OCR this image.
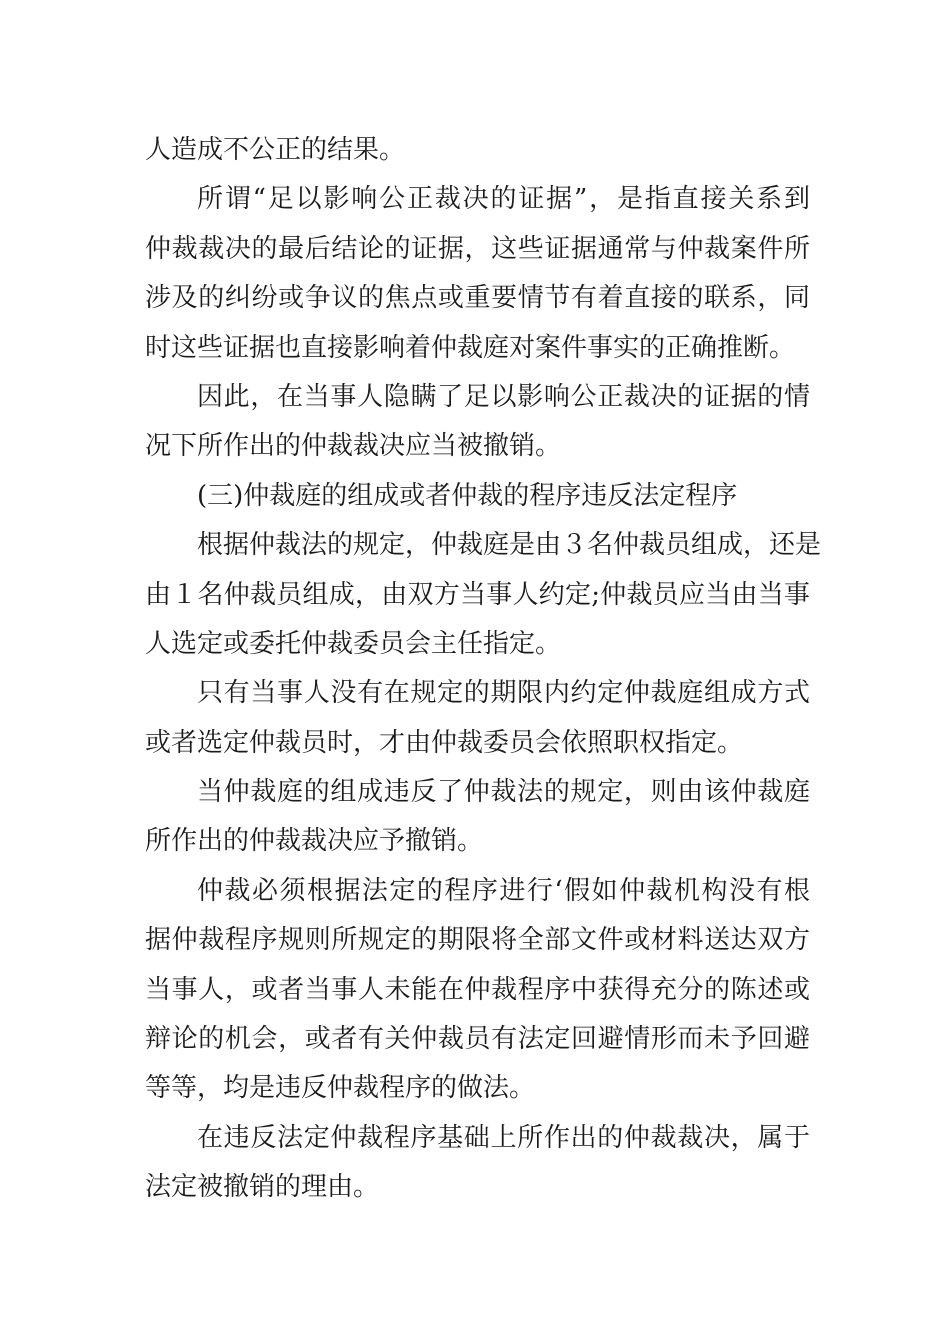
人造成不公正的结果。
所谓“足以影响公正裁决的证据”，是指直接关系到
仲裁裁决的最后结论的证据，这些证据通常与仲裁案件所
涉及的纠纷或争议的焦点或重要情节有着直接的联系，同
时这些证据也直接影响着仲裁庭对案件事实的正确推断。
因此，在当事人隐瞒了足以影响公正裁决的证据的情
况下所作出的仲裁裁决应当被撤销。
(三)仲裁庭的组成或者仲裁的程序违反法定程序
根据仲裁法的规定，仲裁庭是由３名仲裁员组成，还是
由１名仲裁员组成，由双方当事人约定;仲裁员应当由当事
人选定或委托仲裁委员会主任指定。
只有当事人没有在规定的期限内约定仲裁庭组成方式
或者选定仲裁员时，才由仲裁委员会依照职权指定。
当仲裁庭的组成违反了仲裁法的规定，则由该仲裁庭
所作出的仲裁裁决应予撤销。
仲裁必须根据法定的程序进行‘假如仲裁机构没有根
据仲裁程序规则所规定的期限将全部文件或材料送达双方
当事人，或者当事人未能在仲裁程序中获得充分的陈述或
辩论的机会，或者有关仲裁员有法定回避情形而未予回避
等等，均是违反仲裁程序的做法。
在违反法定仲裁程序基础上所作出的仲裁裁决，属于
法定被撤销的理由。
